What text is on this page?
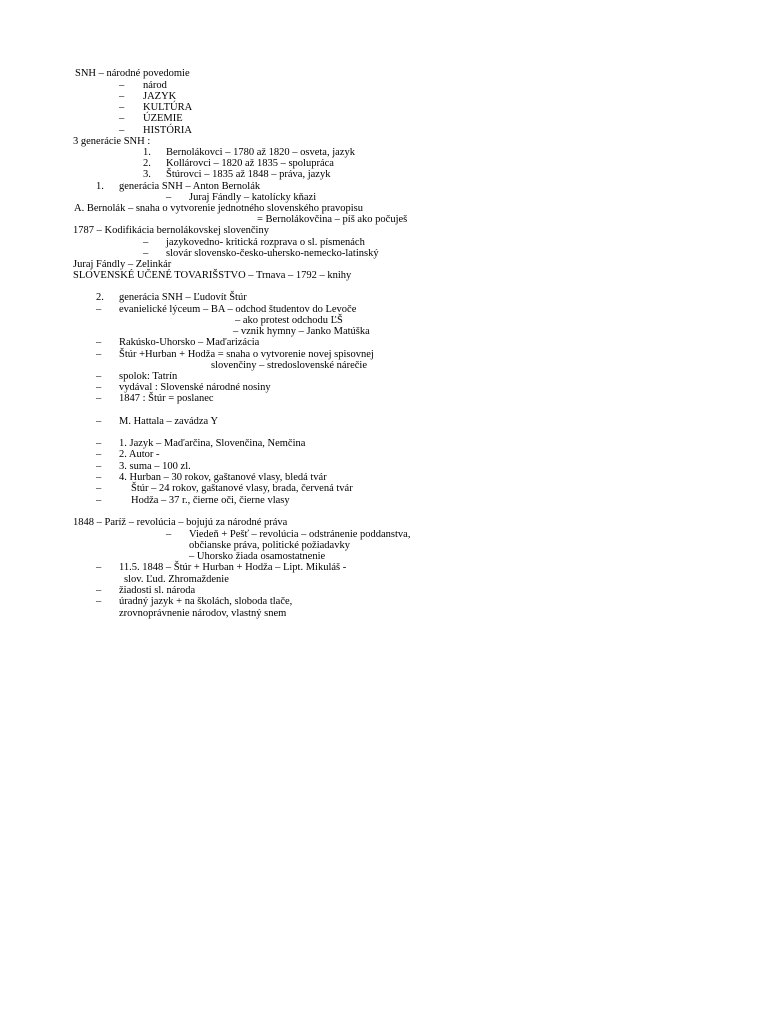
SNH – národné povedomie
– národ
– JAZYK
– KULTÚRA
– ÚZEMIE
– HISTÓRIA
3 generácie SNH :
1. Bernolákovci – 1780 až 1820 – osveta, jazyk
2. Kollárovci – 1820 až 1835 – spolupráca
3. Štúrovci – 1835 až 1848 – práva, jazyk
1. generácia SNH – Anton Bernolák
– Juraj Fándly – katolícky kňazi
A. Bernolák – snaha o vytvorenie jednotného slovenského pravopisu
= Bernolákovčina – píš ako počuješ
1787 – Kodifikácia bernolákovskej slovenčiny
– jazykovedno- kritická rozprava o sl. písmenách
– slovár slovensko-česko-uhersko-nemecko-latinský
Juraj Fándly – Zelinkár
SLOVENSKÉ UČENÉ TOVARIŠSTVO – Trnava – 1792 – knihy
2. generácia SNH – Ľudovít Štúr
– evanielické lýceum – BA – odchod študentov do Levoče
– ako protest odchodu ĽŠ
– vznik hymny – Janko Matúška
– Rakúsko-Uhorsko – Maďarizácia
– Štúr +Hurban + Hodža = snaha o vytvorenie novej spisovnej
slovenčiny – stredoslovenské nárečie
– spolok: Tatrín
– vydával : Slovenské národné nosiny
– 1847 : Štúr = poslanec
– M. Hattala – zavádza Y
– 1. Jazyk – Maďarčina, Slovenčina, Nemčina
– 2. Autor -
– 3. suma – 100 zl.
– 4. Hurban – 30 rokov, gaštanové vlasy, bledá tvár
–	Štúr – 24 rokov, gaštanové vlasy, brada, červená tvár
–	Hodža – 37 r., čierne oči, čierne vlasy
1848 – Paríž – revolúcia – bojujú za národné práva
– Viedeň + Pešť – revolúcia – odstránenie poddanstva,
občianske práva, politické požiadavky
– Uhorsko žiada osamostatnenie
– 11.5. 1848 – Štúr + Hurban + Hodža – Lipt. Mikuláš -
slov. Ľud. Zhromaždenie
– žiadosti sl. národa
– úradný jazyk + na školách, sloboda tlače,
zrovnoprávnenie národov, vlastný snem
